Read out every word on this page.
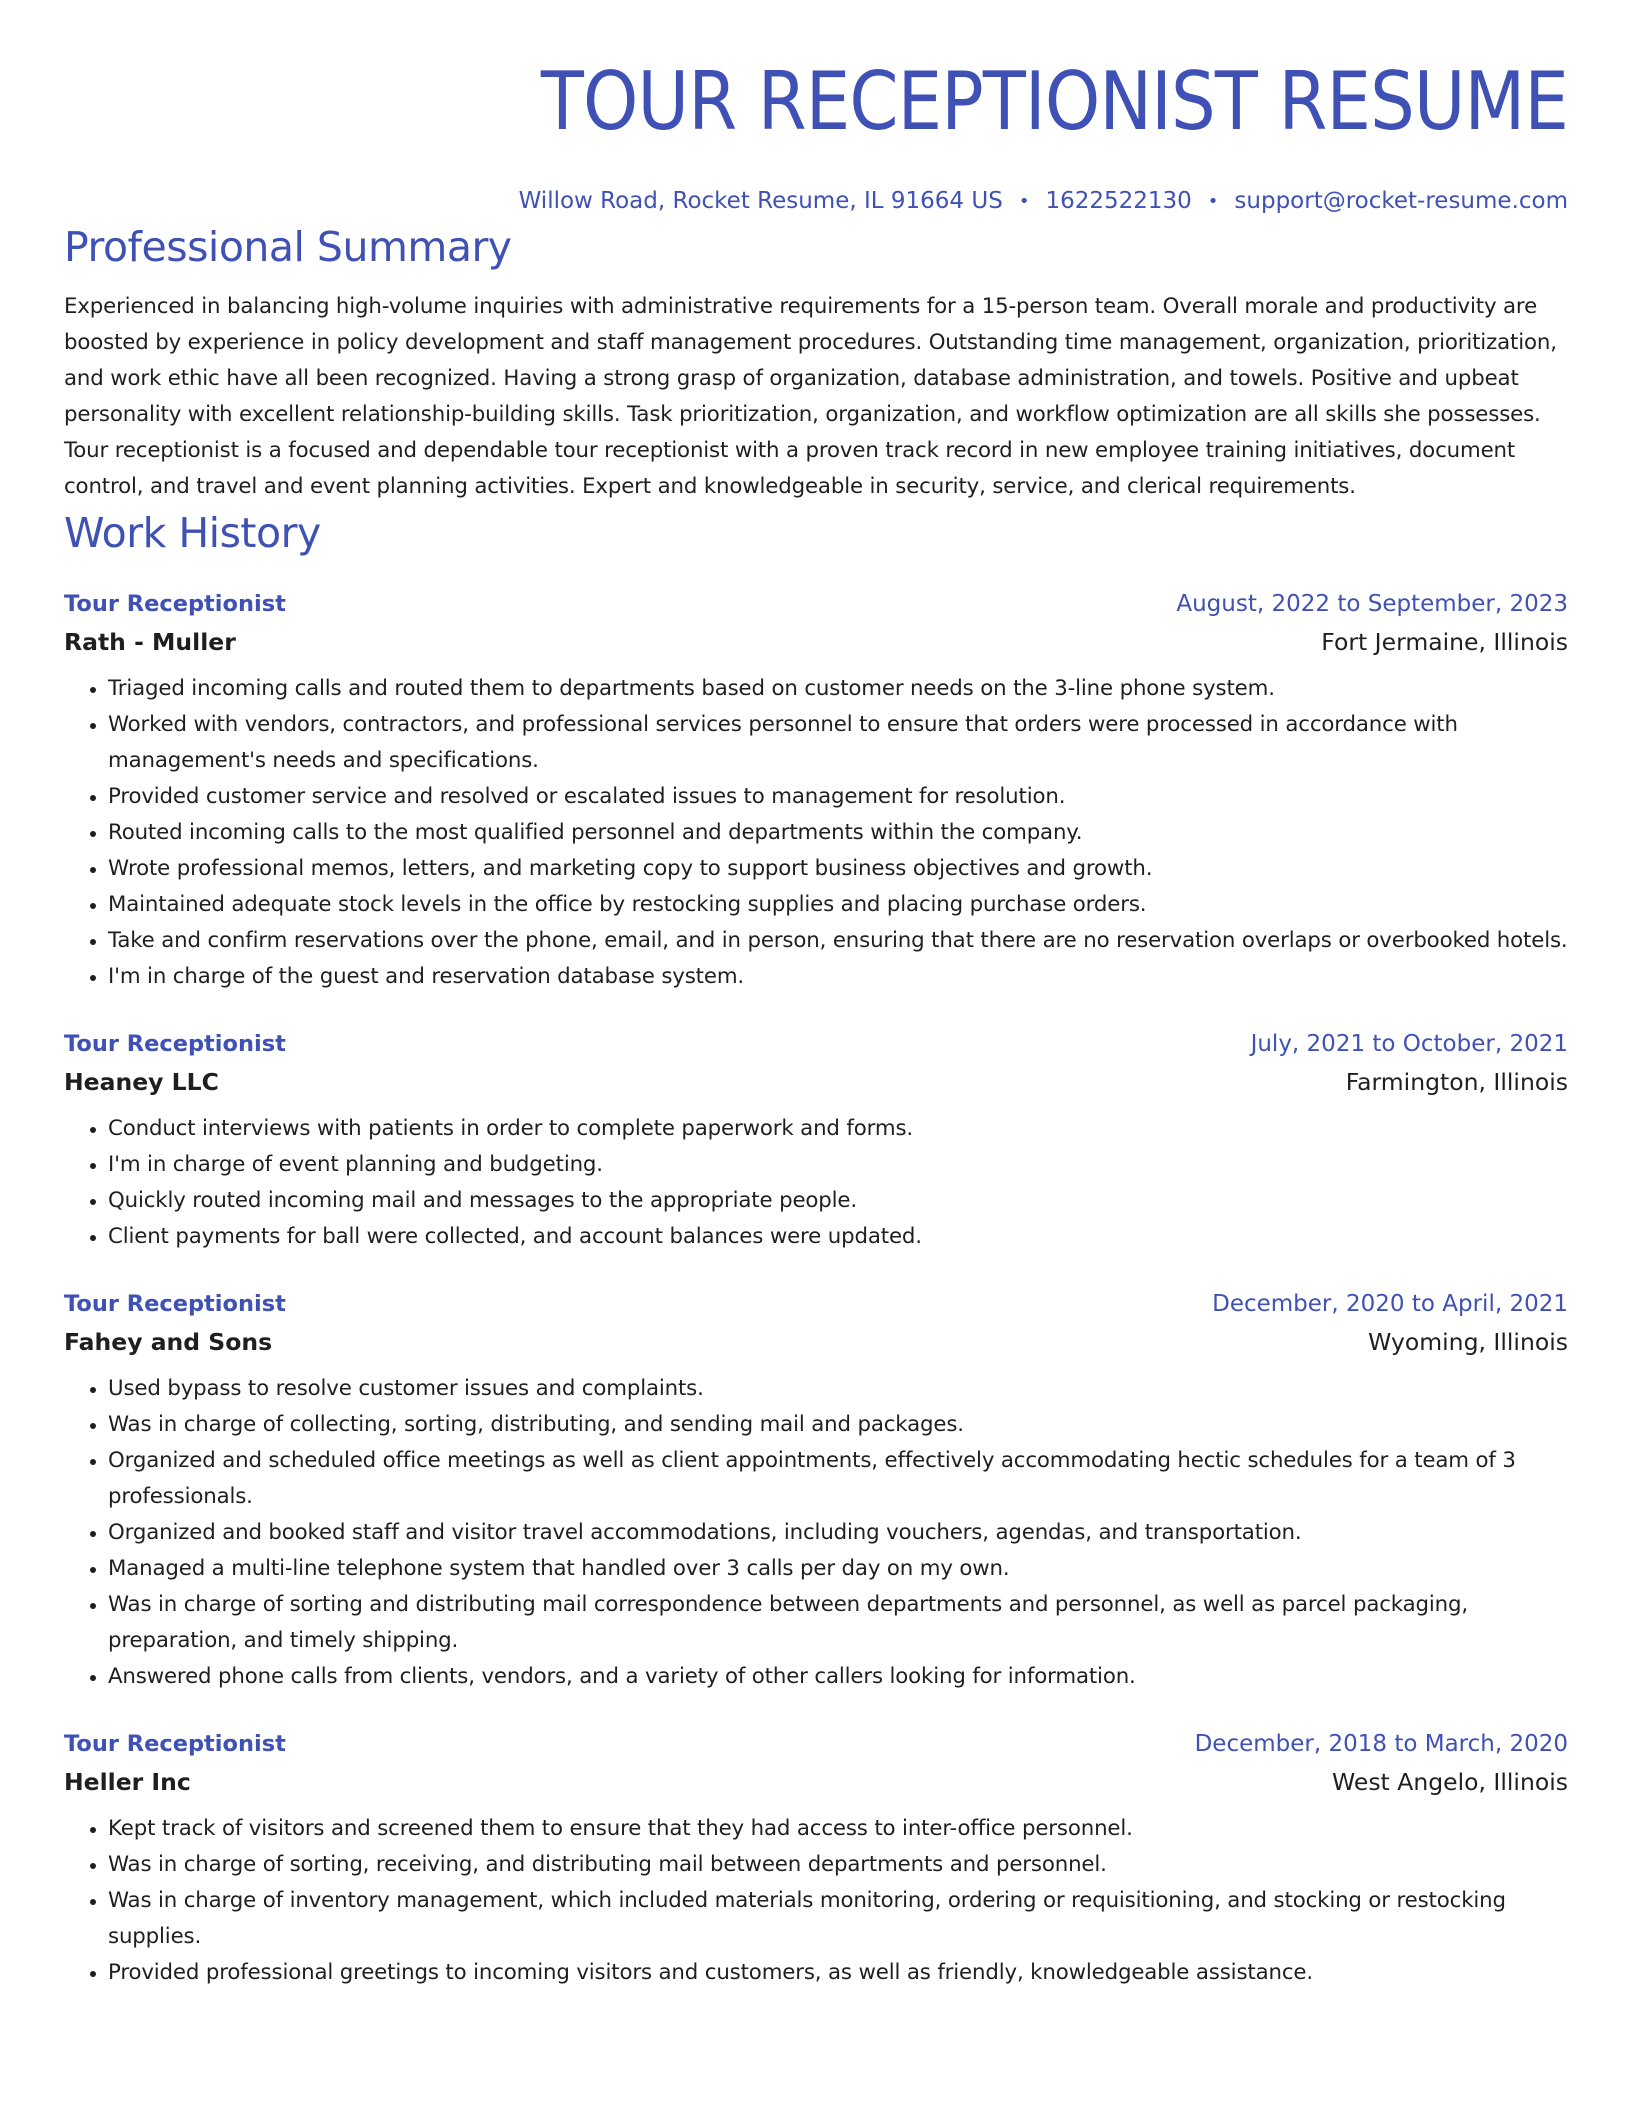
TOUR RECEPTIONIST RESUME
Willow Road, Rocket Resume, IL 91664 US • 1622522130 • support@rocket-resume.com
Professional Summary
Experienced in balancing high-volume inquiries with administrative requirements for a 15-person team. Overall morale and productivity are boosted by experience in policy development and staff management procedures. Outstanding time management, organization, prioritization, and work ethic have all been recognized. Having a strong grasp of organization, database administration, and towels. Positive and upbeat personality with excellent relationship-building skills. Task prioritization, organization, and workflow optimization are all skills she possesses. Tour receptionist is a focused and dependable tour receptionist with a proven track record in new employee training initiatives, document control, and travel and event planning activities. Expert and knowledgeable in security, service, and clerical requirements.
Work History
Tour Receptionist	August, 2022 to September, 2023
Rath - Muller	Fort Jermaine, Illinois
• Triaged incoming calls and routed them to departments based on customer needs on the 3-line phone system.
• Worked with vendors, contractors, and professional services personnel to ensure that orders were processed in accordance with management's needs and specifications.
• Provided customer service and resolved or escalated issues to management for resolution.
• Routed incoming calls to the most qualified personnel and departments within the company.
• Wrote professional memos, letters, and marketing copy to support business objectives and growth.
• Maintained adequate stock levels in the office by restocking supplies and placing purchase orders.
• Take and confirm reservations over the phone, email, and in person, ensuring that there are no reservation overlaps or overbooked hotels.
• I'm in charge of the guest and reservation database system.
Tour Receptionist	July, 2021 to October, 2021
Heaney LLC	Farmington, Illinois
• Conduct interviews with patients in order to complete paperwork and forms.
• I'm in charge of event planning and budgeting.
• Quickly routed incoming mail and messages to the appropriate people.
• Client payments for ball were collected, and account balances were updated.
Tour Receptionist	December, 2020 to April, 2021
Fahey and Sons	Wyoming, Illinois
• Used bypass to resolve customer issues and complaints.
• Was in charge of collecting, sorting, distributing, and sending mail and packages.
• Organized and scheduled office meetings as well as client appointments, effectively accommodating hectic schedules for a team of 3 professionals.
• Organized and booked staff and visitor travel accommodations, including vouchers, agendas, and transportation.
• Managed a multi-line telephone system that handled over 3 calls per day on my own.
• Was in charge of sorting and distributing mail correspondence between departments and personnel, as well as parcel packaging, preparation, and timely shipping.
• Answered phone calls from clients, vendors, and a variety of other callers looking for information.
Tour Receptionist	December, 2018 to March, 2020
Heller Inc	West Angelo, Illinois
• Kept track of visitors and screened them to ensure that they had access to inter-office personnel.
• Was in charge of sorting, receiving, and distributing mail between departments and personnel.
• Was in charge of inventory management, which included materials monitoring, ordering or requisitioning, and stocking or restocking supplies.
• Provided professional greetings to incoming visitors and customers, as well as friendly, knowledgeable assistance.
